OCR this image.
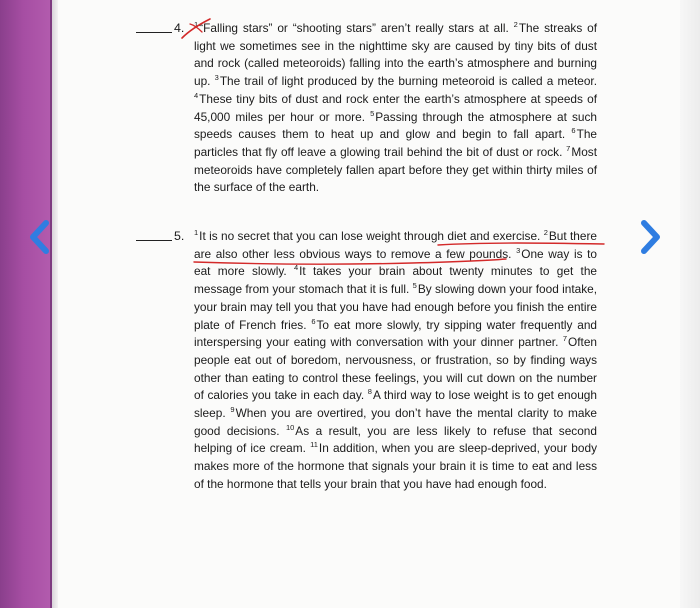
4. $^1$“Falling stars” or “shooting stars” aren’t really stars at all. $^2$The streaks of light we sometimes see in the nighttime sky are caused by tiny bits of dust and rock (called meteoroids) falling into the earth’s atmosphere and burning up. $^3$The trail of light produced by the burning meteoroid is called a meteor. $^4$These tiny bits of dust and rock enter the earth’s atmosphere at speeds of 45,000 miles per hour or more. $^5$Passing through the atmosphere at such speeds causes them to heat up and glow and begin to fall apart. $^6$The particles that fly off leave a glowing trail behind the bit of dust or rock. $^7$Most meteoroids have completely fallen apart before they get within thirty miles of the surface of the earth.

5. $^1$It is no secret that you can lose weight through diet and exercise. $^2$But there are also other less obvious ways to remove a few pounds. $^3$One way is to eat more slowly. $^4$It takes your brain about twenty minutes to get the message from your stomach that it is full. $^5$By slowing down your food intake, your brain may tell you that you have had enough before you finish the entire plate of French fries. $^6$To eat more slowly, try sipping water frequently and interspersing your eating with conversation with your dinner partner. $^7$Often people eat out of boredom, nervousness, or frustration, so by finding ways other than eating to control these feelings, you will cut down on the number of calories you take in each day. $^8$A third way to lose weight is to get enough sleep. $^9$When you are overtired, you don’t have the mental clarity to make good decisions. $^{10}$As a result, you are less likely to refuse that second helping of ice cream. $^{11}$In addition, when you are sleep-deprived, your body makes more of the hormone that signals your brain it is time to eat and less of the hormone that tells your brain that you have had enough food.
